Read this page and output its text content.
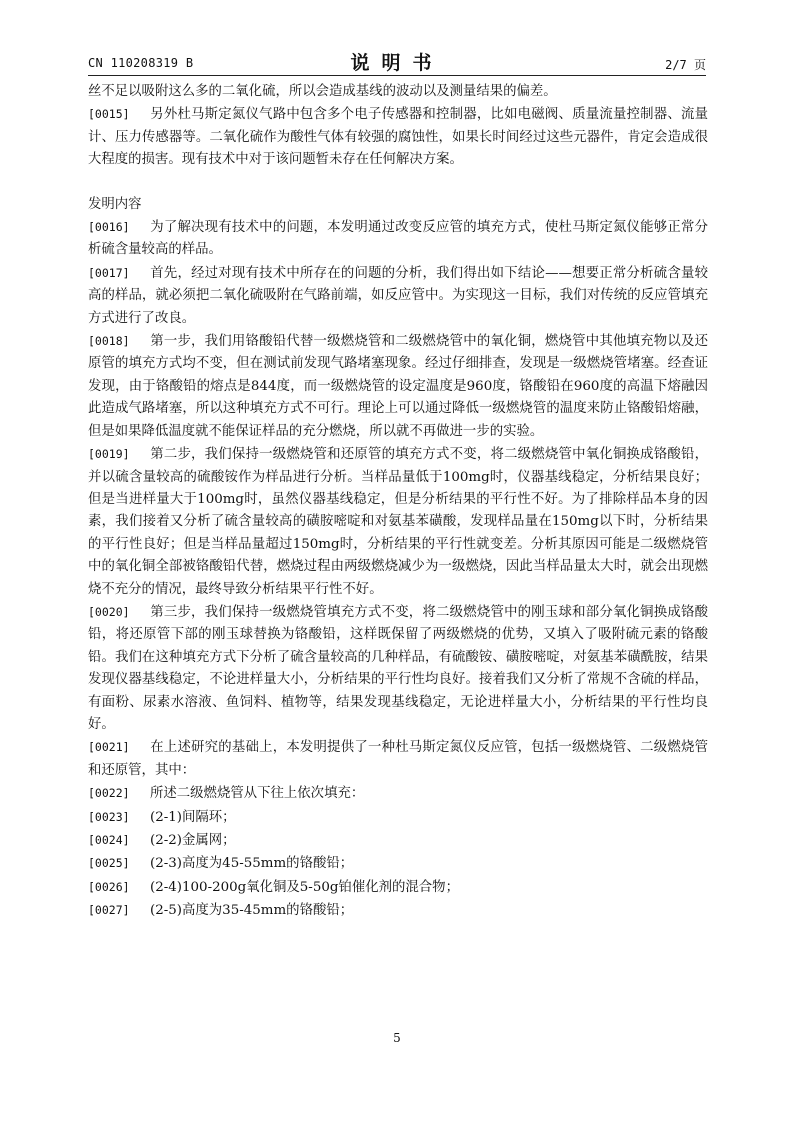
CN 110208319 B	说明书	2/7 页

丝不足以吸附这么多的二氧化硫，所以会造成基线的波动以及测量结果的偏差。

[0015] 另外杜马斯定氮仪气路中包含多个电子传感器和控制器，比如电磁阀、质量流量控制器、流量计、压力传感器等。二氧化硫作为酸性气体有较强的腐蚀性，如果长时间经过这些元器件，肯定会造成很大程度的损害。现有技术中对于该问题暂未存在任何解决方案。

发明内容

[0016] 为了解决现有技术中的问题，本发明通过改变反应管的填充方式，使杜马斯定氮仪能够正常分析硫含量较高的样品。

[0017] 首先，经过对现有技术中所存在的问题的分析，我们得出如下结论——想要正常分析硫含量较高的样品，就必须把二氧化硫吸附在气路前端，如反应管中。为实现这一目标，我们对传统的反应管填充方式进行了改良。

[0018] 第一步，我们用铬酸铅代替一级燃烧管和二级燃烧管中的氧化铜，燃烧管中其他填充物以及还原管的填充方式均不变，但在测试前发现气路堵塞现象。经过仔细排查，发现是一级燃烧管堵塞。经查证发现，由于铬酸铅的熔点是844度，而一级燃烧管的设定温度是960度，铬酸铅在960度的高温下熔融因此造成气路堵塞，所以这种填充方式不可行。理论上可以通过降低一级燃烧管的温度来防止铬酸铅熔融，但是如果降低温度就不能保证样品的充分燃烧，所以就不再做进一步的实验。

[0019] 第二步，我们保持一级燃烧管和还原管的填充方式不变，将二级燃烧管中氧化铜换成铬酸铅，并以硫含量较高的硫酸铵作为样品进行分析。当样品量低于100mg时，仪器基线稳定，分析结果良好；但是当进样量大于100mg时，虽然仪器基线稳定，但是分析结果的平行性不好。为了排除样品本身的因素，我们接着又分析了硫含量较高的磺胺嘧啶和对氨基苯磺酸，发现样品量在150mg以下时，分析结果的平行性良好；但是当样品量超过150mg时，分析结果的平行性就变差。分析其原因可能是二级燃烧管中的氧化铜全部被铬酸铅代替，燃烧过程由两级燃烧减少为一级燃烧，因此当样品量太大时，就会出现燃烧不充分的情况，最终导致分析结果平行性不好。

[0020] 第三步，我们保持一级燃烧管填充方式不变，将二级燃烧管中的刚玉球和部分氧化铜换成铬酸铅，将还原管下部的刚玉球替换为铬酸铅，这样既保留了两级燃烧的优势，又填入了吸附硫元素的铬酸铅。我们在这种填充方式下分析了硫含量较高的几种样品，有硫酸铵、磺胺嘧啶，对氨基苯磺酰胺，结果发现仪器基线稳定，不论进样量大小，分析结果的平行性均良好。接着我们又分析了常规不含硫的样品，有面粉、尿素水溶液、鱼饲料、植物等，结果发现基线稳定，无论进样量大小，分析结果的平行性均良好。

[0021] 在上述研究的基础上，本发明提供了一种杜马斯定氮仪反应管，包括一级燃烧管、二级燃烧管和还原管，其中：

[0022] 所述二级燃烧管从下往上依次填充：

[0023] (2-1)间隔环；

[0024] (2-2)金属网；

[0025] (2-3)高度为45-55mm的铬酸铅；

[0026] (2-4)100-200g氧化铜及5-50g铂催化剂的混合物；

[0027] (2-5)高度为35-45mm的铬酸铅；

5
